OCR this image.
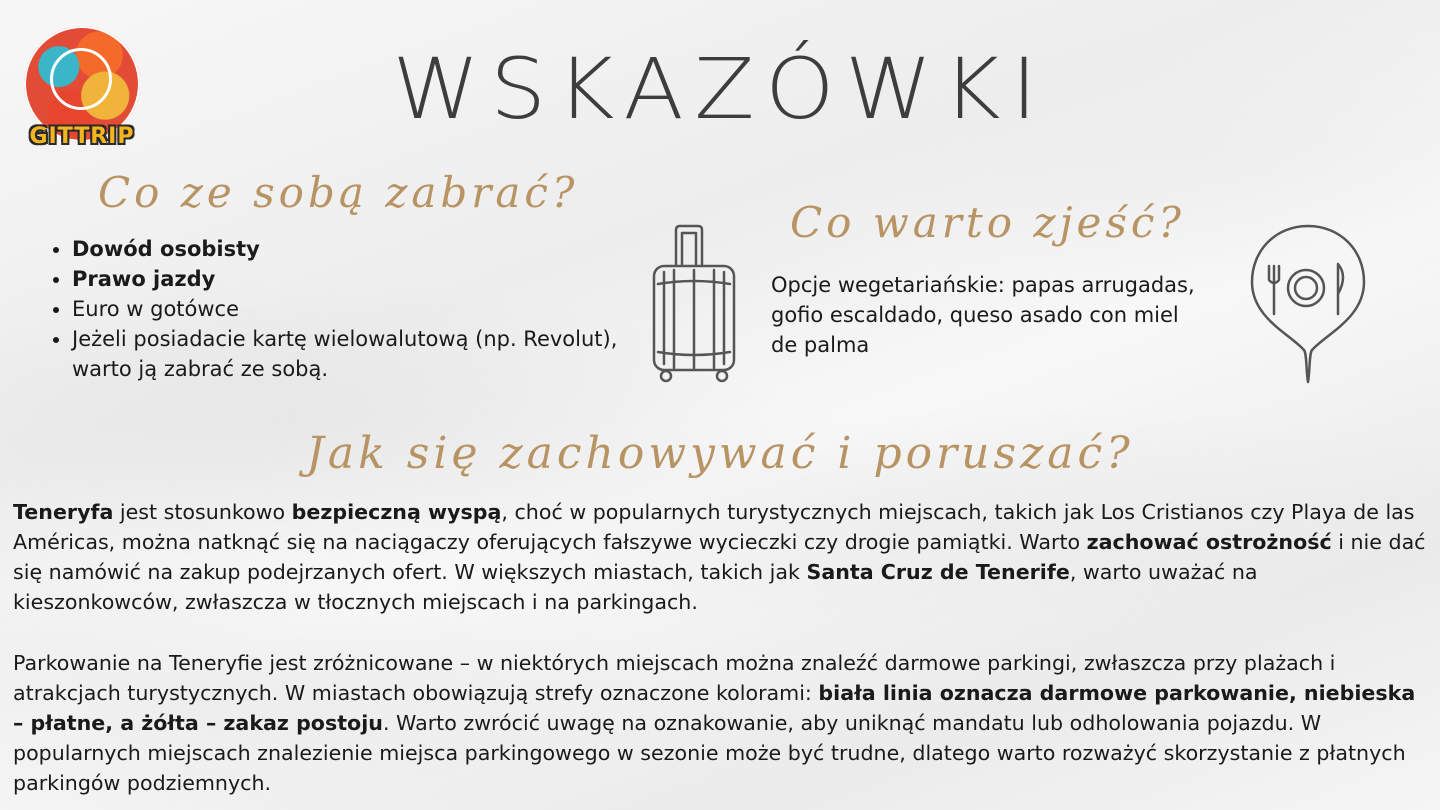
GITTRIP	WSKAZÓWKI
Co ze sobą zabrać?
• Dowód osobisty
• Prawo jazdy
• Euro w gotówce
• Jeżeli posiadacie kartę wielowalutową (np. Revolut), warto ją zabrać ze sobą.
Co warto zjeść?
Opcje wegetariańskie: papas arrugadas, gofio escaldado, queso asado con miel de palma
Jak się zachowywać i poruszać?

Teneryfa jest stosunkowo bezpieczną wyspą, choć w popularnych turystycznych miejscach, takich jak Los Cristianos czy Playa de las Américas, można natknąć się na naciągaczy oferujących fałszywe wycieczki czy drogie pamiątki. Warto zachować ostrożność i nie dać się namówić na zakup podejrzanych ofert. W większych miastach, takich jak Santa Cruz de Tenerife, warto uważać na kieszonkowców, zwłaszcza w tłocznych miejscach i na parkingach.

Parkowanie na Teneryfie jest zróżnicowane – w niektórych miejscach można znaleźć darmowe parkingi, zwłaszcza przy plażach i atrakcjach turystycznych. W miastach obowiązują strefy oznaczone kolorami: biała linia oznacza darmowe parkowanie, niebieska – płatne, a żółta – zakaz postoju. Warto zwrócić uwagę na oznakowanie, aby uniknąć mandatu lub odholowania pojazdu. W popularnych miejscach znalezienie miejsca parkingowego w sezonie może być trudne, dlatego warto rozważyć skorzystanie z płatnych parkingów podziemnych.
